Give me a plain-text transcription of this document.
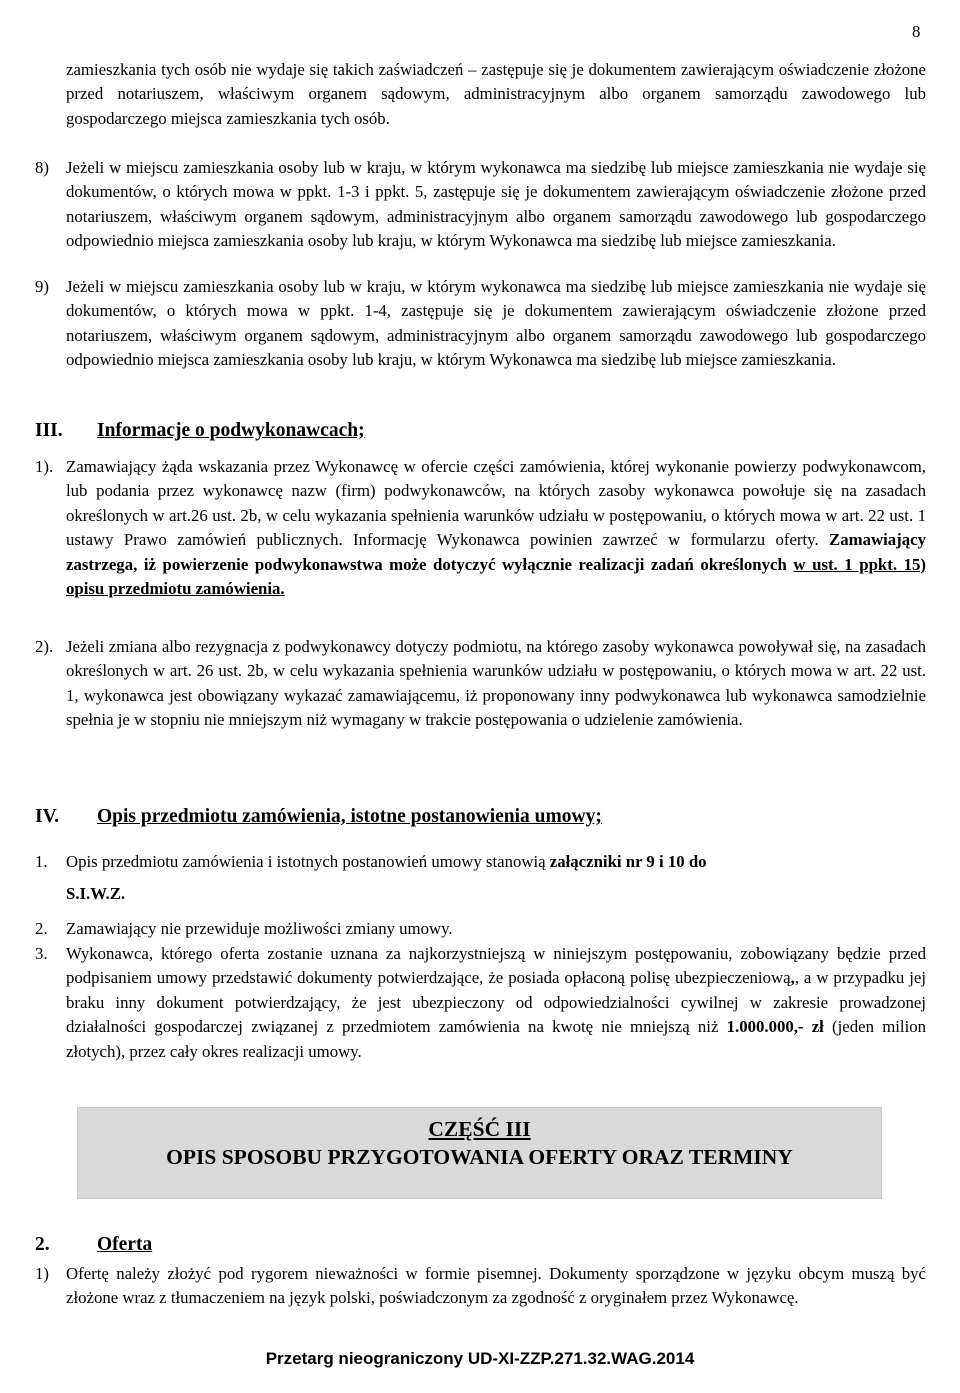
8
zamieszkania tych osób nie wydaje się takich zaświadczeń – zastępuje się je dokumentem zawierającym oświadczenie złożone przed notariuszem, właściwym organem sądowym, administracyjnym albo organem samorządu zawodowego lub gospodarczego miejsca zamieszkania tych osób.
8) Jeżeli w miejscu zamieszkania osoby lub w kraju, w którym wykonawca ma siedzibę lub miejsce zamieszkania nie wydaje się dokumentów, o których mowa w ppkt. 1-3 i ppkt. 5, zastępuje się je dokumentem zawierającym oświadczenie złożone przed notariuszem, właściwym organem sądowym, administracyjnym albo organem samorządu zawodowego lub gospodarczego odpowiednio miejsca zamieszkania osoby lub kraju, w którym Wykonawca ma siedzibę lub miejsce zamieszkania.
9) Jeżeli w miejscu zamieszkania osoby lub w kraju, w którym wykonawca ma siedzibę lub miejsce zamieszkania nie wydaje się dokumentów, o których mowa w ppkt. 1-4, zastępuje się je dokumentem zawierającym oświadczenie złożone przed notariuszem, właściwym organem sądowym, administracyjnym albo organem samorządu zawodowego lub gospodarczego odpowiednio miejsca zamieszkania osoby lub kraju, w którym Wykonawca ma siedzibę lub miejsce zamieszkania.
III. Informacje o podwykonawcach;
1). Zamawiający żąda wskazania przez Wykonawcę w ofercie części zamówienia, której wykonanie powierzy podwykonawcom, lub podania przez wykonawcę nazw (firm) podwykonawców, na których zasoby wykonawca powołuje się na zasadach określonych w art.26 ust. 2b, w celu wykazania spełnienia warunków udziału w postępowaniu, o których mowa w art. 22 ust. 1 ustawy Prawo zamówień publicznych. Informację Wykonawca powinien zawrzeć w formularzu oferty. Zamawiający zastrzega, iż powierzenie podwykonawstwa może dotyczyć wyłącznie realizacji zadań określonych w ust. 1 ppkt. 15) opisu przedmiotu zamówienia.
2). Jeżeli zmiana albo rezygnacja z podwykonawcy dotyczy podmiotu, na którego zasoby wykonawca powoływał się, na zasadach określonych w art. 26 ust. 2b, w celu wykazania spełnienia warunków udziału w postępowaniu, o których mowa w art. 22 ust. 1, wykonawca jest obowiązany wykazać zamawiającemu, iż proponowany inny podwykonawca lub wykonawca samodzielnie spełnia je w stopniu nie mniejszym niż wymagany w trakcie postępowania o udzielenie zamówienia.
IV. Opis przedmiotu zamówienia, istotne postanowienia umowy;
1. Opis przedmiotu zamówienia i istotnych postanowień umowy stanowią załączniki nr 9 i 10 do
S.I.W.Z.
2. Zamawiający nie przewiduje możliwości zmiany umowy.
3. Wykonawca, którego oferta zostanie uznana za najkorzystniejszą w niniejszym postępowaniu, zobowiązany będzie przed podpisaniem umowy przedstawić dokumenty potwierdzające, że posiada opłaconą polisę ubezpieczeniową,, a w przypadku jej braku inny dokument potwierdzający, że jest ubezpieczony od odpowiedzialności cywilnej w zakresie prowadzonej działalności gospodarczej związanej z przedmiotem zamówienia na kwotę nie mniejszą niż 1.000.000,- zł (jeden milion złotych), przez cały okres realizacji umowy.
CZĘŚĆ III
OPIS SPOSOBU PRZYGOTOWANIA OFERTY ORAZ TERMINY
2. Oferta
1) Ofertę należy złożyć pod rygorem nieważności w formie pisemnej. Dokumenty sporządzone w języku obcym muszą być złożone wraz z tłumaczeniem na język polski, poświadczonym za zgodność z oryginałem przez Wykonawcę.
Przetarg nieograniczony UD-XI-ZZP.271.32.WAG.2014
